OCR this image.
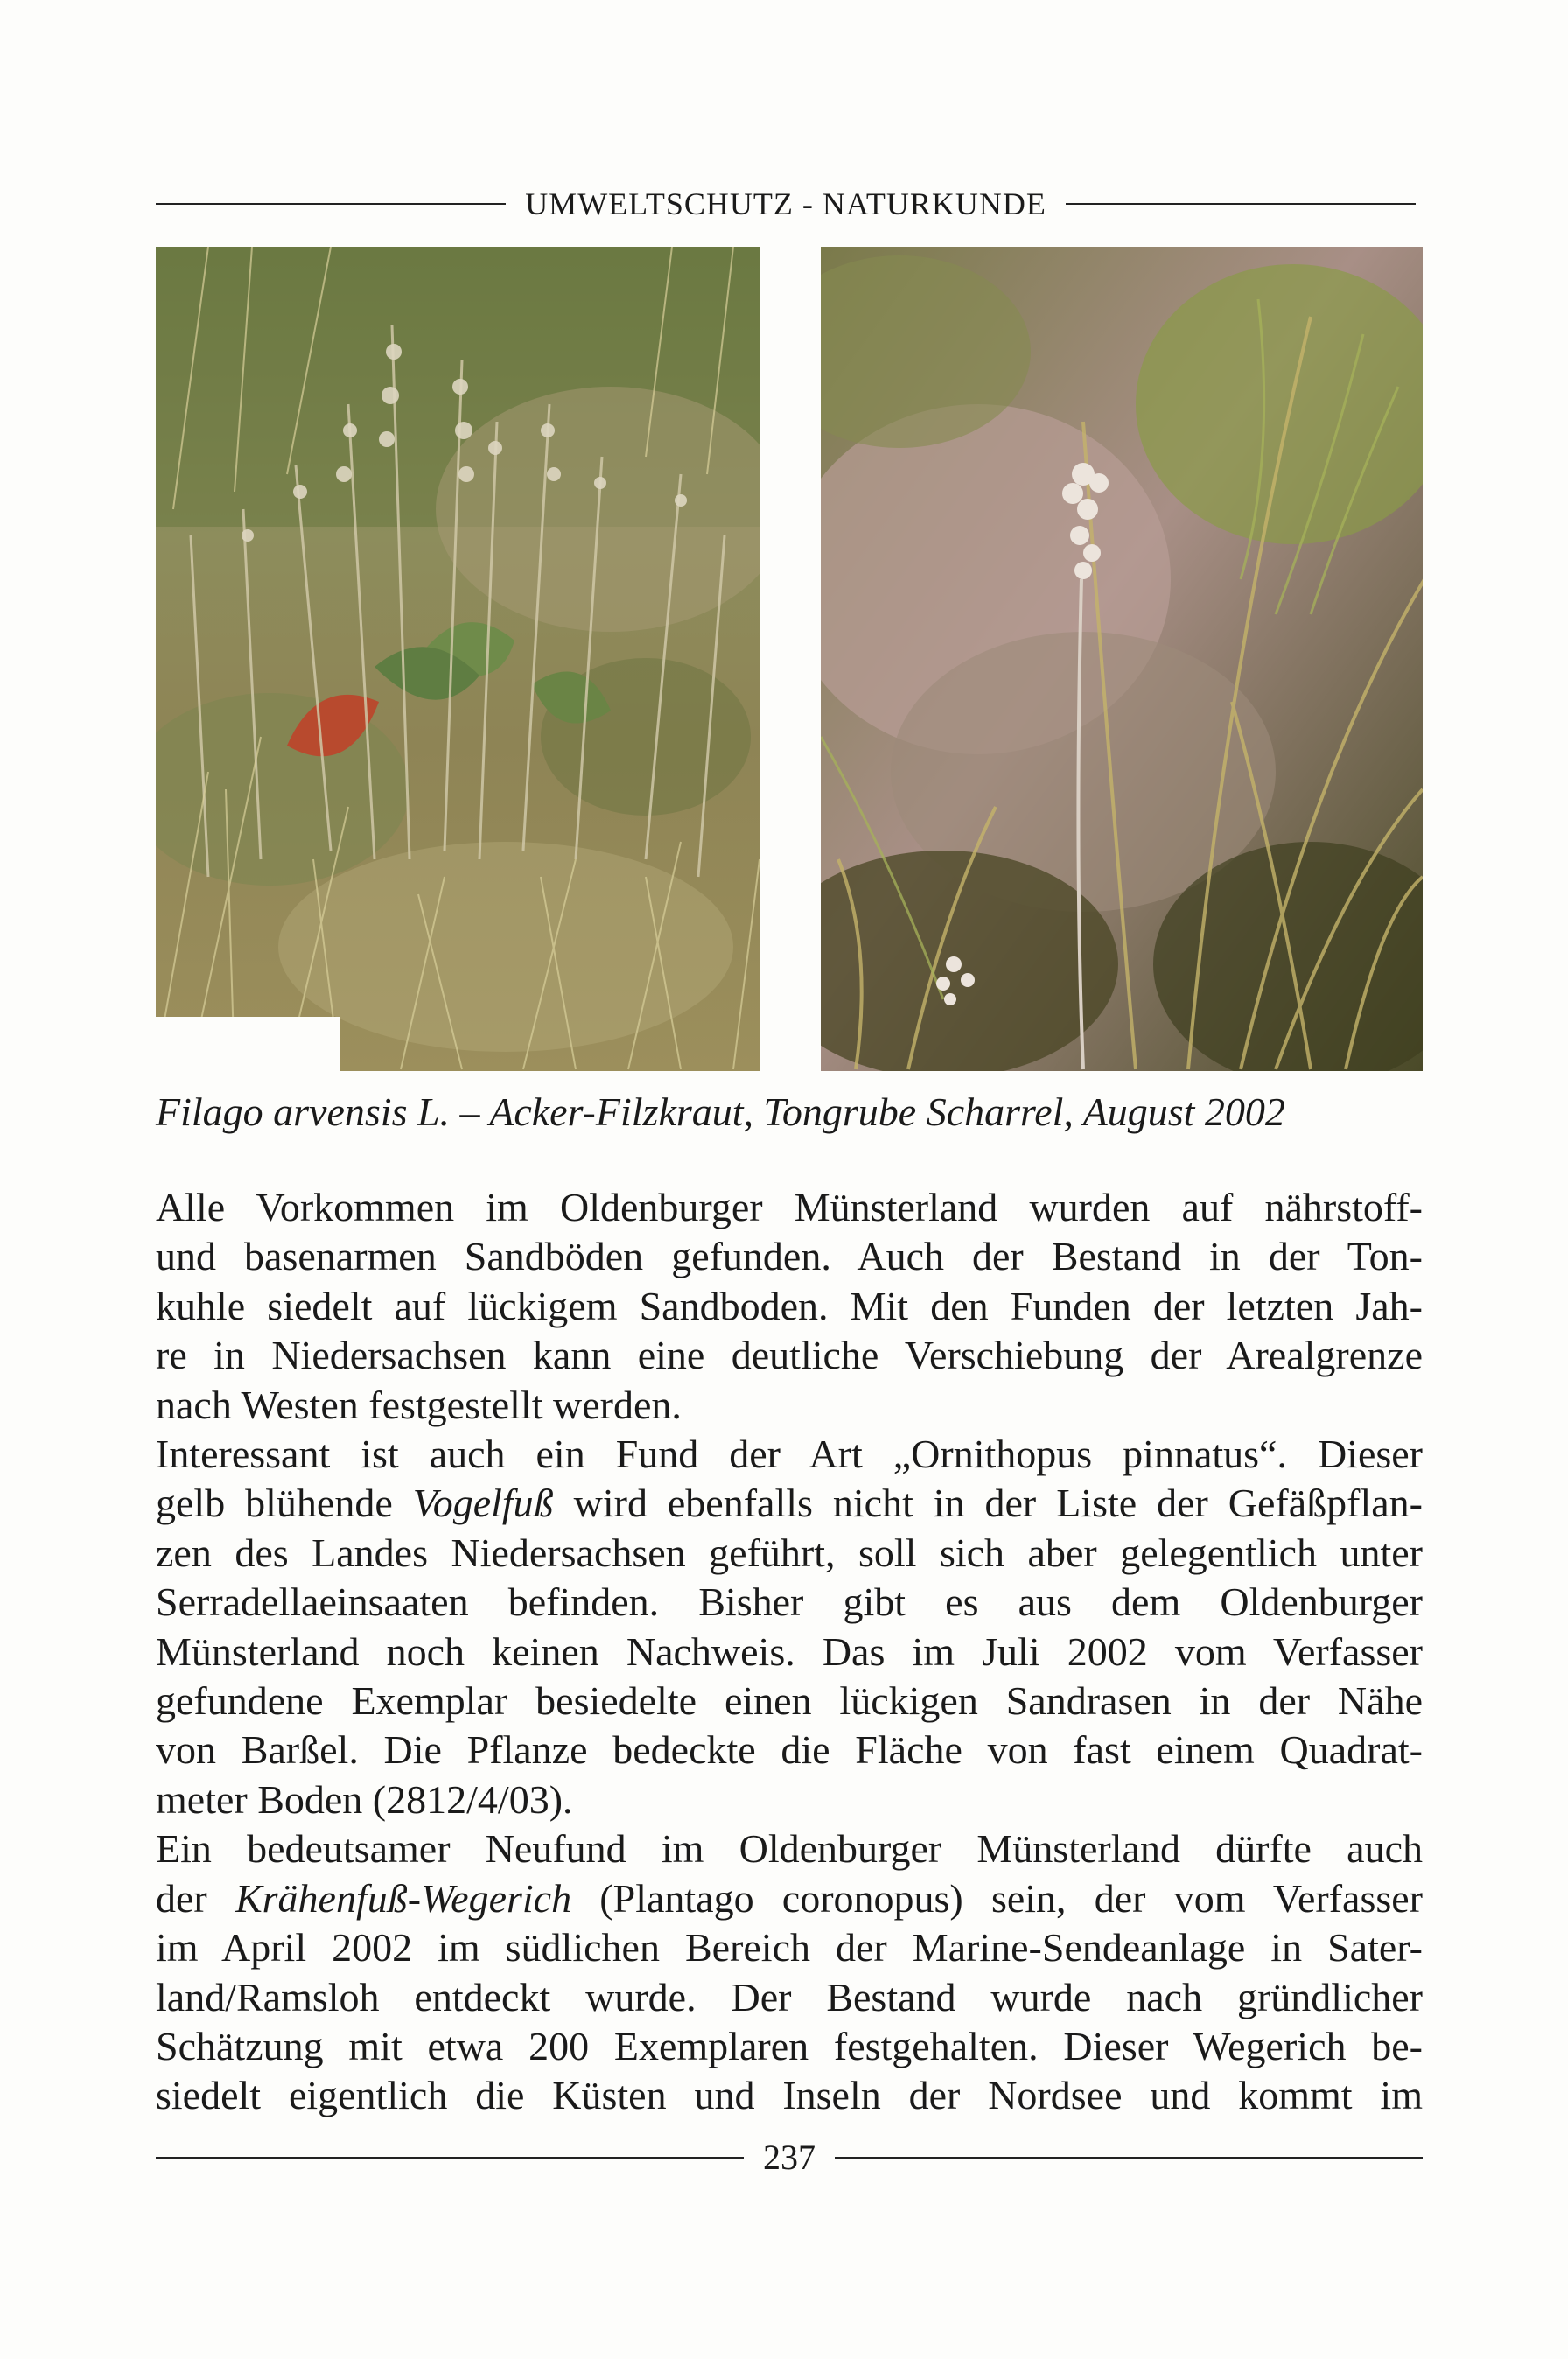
UMWELTSCHUTZ - NATURKUNDE
Filago arvensis L. – Acker-Filzkraut, Tongrube Scharrel, August 2002
Alle Vorkommen im Oldenburger Münsterland wurden auf nährstoff-
und basenarmen Sandböden gefunden. Auch der Bestand in der Ton-
kuhle siedelt auf lückigem Sandboden. Mit den Funden der letzten Jah-
re in Niedersachsen kann eine deutliche Verschiebung der Arealgrenze
nach Westen festgestellt werden.
Interessant ist auch ein Fund der Art „Ornithopus pinnatus“. Dieser
gelb blühende Vogelfuß wird ebenfalls nicht in der Liste der Gefäßpflan-
zen des Landes Niedersachsen geführt, soll sich aber gelegentlich unter
Serradellaeinsaaten befinden. Bisher gibt es aus dem Oldenburger
Münsterland noch keinen Nachweis. Das im Juli 2002 vom Verfasser
gefundene Exemplar besiedelte einen lückigen Sandrasen in der Nähe
von Barßel. Die Pflanze bedeckte die Fläche von fast einem Quadrat-
meter Boden (2812/4/03).
Ein bedeutsamer Neufund im Oldenburger Münsterland dürfte auch
der Krähenfuß-Wegerich (Plantago coronopus) sein, der vom Verfasser
im April 2002 im südlichen Bereich der Marine-Sendeanlage in Sater-
land/Ramsloh entdeckt wurde. Der Bestand wurde nach gründlicher
Schätzung mit etwa 200 Exemplaren festgehalten. Dieser Wegerich be-
siedelt eigentlich die Küsten und Inseln der Nordsee und kommt im
237
